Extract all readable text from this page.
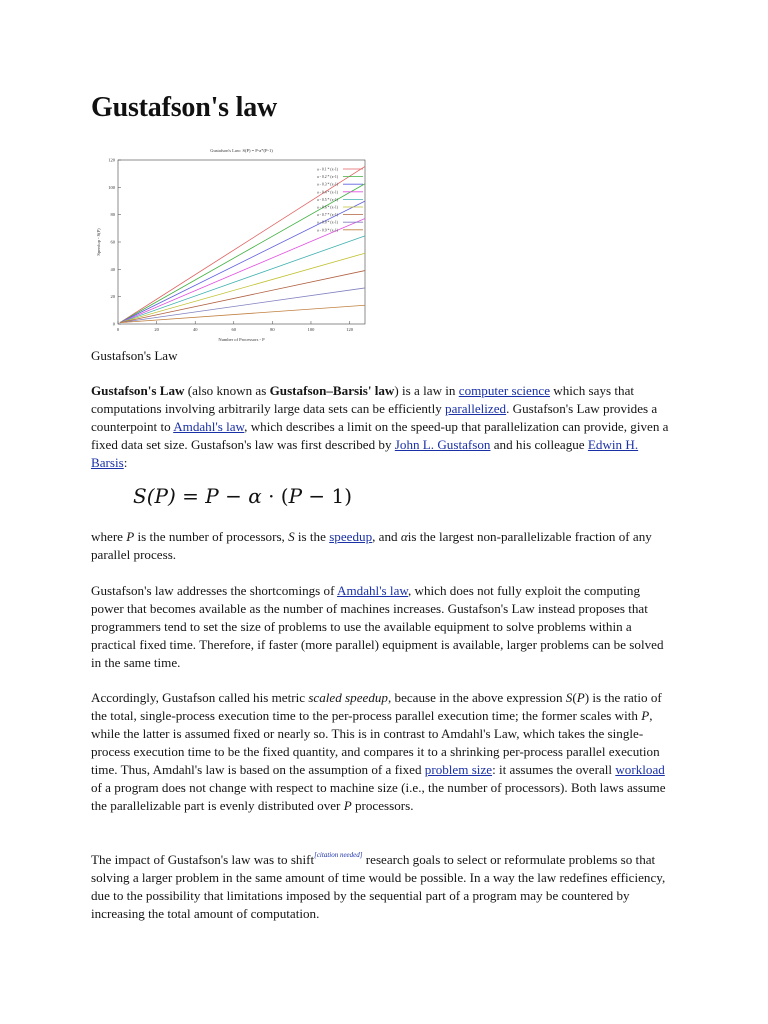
Gustafson's law
Gustafson's Law: S(P) = P-a*(P-1)
0
20
40
60
80
100
120
0	20	40	60	80	100	120
Number of Processors - P
Speedup - S(P)
a - 0.1 * (x-1)
a - 0.2 * (x-1)
a - 0.3 * (x-1)
a - 0.4 * (x-1)
a - 0.5 * (x-1)
a - 0.6 * (x-1)
a - 0.7 * (x-1)
a - 0.8 * (x-1)
a - 0.9 * (x-1)
Gustafson's Law

Gustafson's Law (also known as Gustafson–Barsis' law) is a law in computer science which says that computations involving arbitrarily large data sets can be efficiently parallelized. Gustafson's Law provides a counterpoint to Amdahl's law, which describes a limit on the speed-up that parallelization can provide, given a fixed data set size. Gustafson's law was first described by John L. Gustafson and his colleague Edwin H. Barsis:

S(P) = P − α · (P − 1)

where P is the number of processors, S is the speedup, and αis the largest non-parallelizable fraction of any parallel process.

Gustafson's law addresses the shortcomings of Amdahl's law, which does not fully exploit the computing power that becomes available as the number of machines increases. Gustafson's Law instead proposes that programmers tend to set the size of problems to use the available equipment to solve problems within a practical fixed time. Therefore, if faster (more parallel) equipment is available, larger problems can be solved in the same time.

Accordingly, Gustafson called his metric scaled speedup, because in the above expression S(P) is the ratio of the total, single-process execution time to the per-process parallel execution time; the former scales with P, while the latter is assumed fixed or nearly so. This is in contrast to Amdahl's Law, which takes the single-process execution time to be the fixed quantity, and compares it to a shrinking per-process parallel execution time. Thus, Amdahl's law is based on the assumption of a fixed problem size: it assumes the overall workload of a program does not change with respect to machine size (i.e., the number of processors). Both laws assume the parallelizable part is evenly distributed over P processors.

The impact of Gustafson's law was to shift[citation needed] research goals to select or reformulate problems so that solving a larger problem in the same amount of time would be possible. In a way the law redefines efficiency, due to the possibility that limitations imposed by the sequential part of a program may be countered by increasing the total amount of computation.
